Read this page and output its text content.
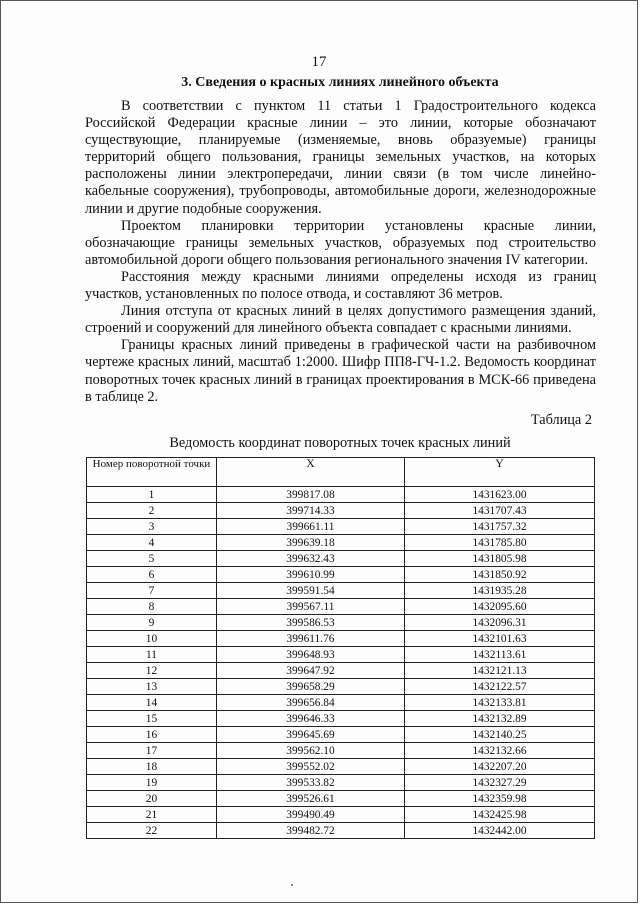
17
3. Сведения о красных линиях линейного объекта

В соответствии с пунктом 11 статьи 1 Градостроительного кодекса Российской Федерации красные линии – это линии, которые обозначают существующие, планируемые (изменяемые, вновь образуемые) границы территорий общего пользования, границы земельных участков, на которых расположены линии электропередачи, линии связи (в том числе линейно-кабельные сооружения), трубопроводы, автомобильные дороги, железнодорожные линии и другие подобные сооружения.

Проектом планировки территории установлены красные линии, обозначающие границы земельных участков, образуемых под строительство автомобильной дороги общего пользования регионального значения IV категории.

Расстояния между красными линиями определены исходя из границ участков, установленных по полосе отвода, и составляют 36 метров.

Линия отступа от красных линий в целях допустимого размещения зданий, строений и сооружений для линейного объекта совпадает с красными линиями.

Границы красных линий приведены в графической части на разбивочном чертеже красных линий, масштаб 1:2000. Шифр ПП8-ГЧ-1.2. Ведомость координат поворотных точек красных линий в границах проектирования в МСК-66 приведена в таблице 2.

Таблица 2
Ведомость координат поворотных точек красных линий
Номер поворотной точки	X	Y
1	399817.08	1431623.00
2	399714.33	1431707.43
3	399661.11	1431757.32
4	399639.18	1431785.80
5	399632.43	1431805.98
6	399610.99	1431850.92
7	399591.54	1431935.28
8	399567.11	1432095.60
9	399586.53	1432096.31
10	399611.76	1432101.63
11	399648.93	1432113.61
12	399647.92	1432121.13
13	399658.29	1432122.57
14	399656.84	1432133.81
15	399646.33	1432132.89
16	399645.69	1432140.25
17	399562.10	1432132.66
18	399552.02	1432207.20
19	399533.82	1432327.29
20	399526.61	1432359.98
21	399490.49	1432425.98
22	399482.72	1432442.00
